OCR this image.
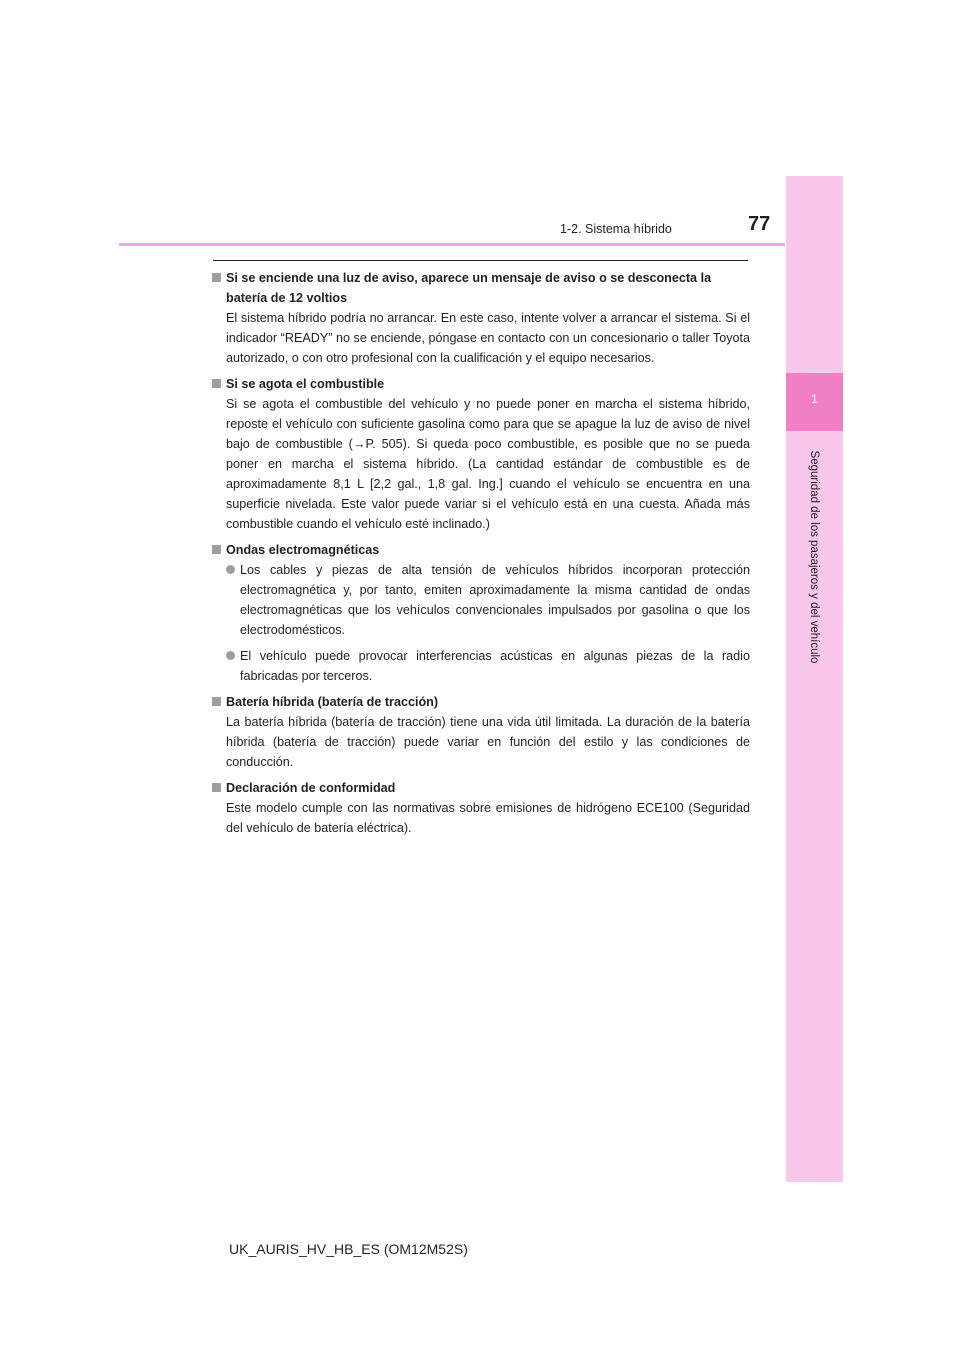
1
Seguridad de los pasajeros y del vehículo
1-2. Sistema híbrido	77
Si se enciende una luz de aviso, aparece un mensaje de aviso o se desconecta la batería de 12 voltios
El sistema híbrido podría no arrancar. En este caso, intente volver a arrancar el sistema. Si el indicador “READY” no se enciende, póngase en contacto con un concesionario o taller Toyota autorizado, o con otro profesional con la cualificación y el equipo necesarios.
Si se agota el combustible
Si se agota el combustible del vehículo y no puede poner en marcha el sistema híbrido, reposte el vehículo con suficiente gasolina como para que se apague la luz de aviso de nivel bajo de combustible (→P. 505). Si queda poco combustible, es posible que no se pueda poner en marcha el sistema híbrido. (La cantidad estándar de combustible es de aproximadamente 8,1 L [2,2 gal., 1,8 gal. Ing.] cuando el vehículo se encuentra en una superficie nivelada. Este valor puede variar si el vehículo está en una cuesta. Añada más combustible cuando el vehículo esté inclinado.)
Ondas electromagnéticas
Los cables y piezas de alta tensión de vehículos híbridos incorporan protección electromagnética y, por tanto, emiten aproximadamente la misma cantidad de ondas electromagnéticas que los vehículos convencionales impulsados por gasolina o que los electrodomésticos.
El vehículo puede provocar interferencias acústicas en algunas piezas de la radio fabricadas por terceros.
Batería híbrida (batería de tracción)
La batería híbrida (batería de tracción) tiene una vida útil limitada. La duración de la batería híbrida (batería de tracción) puede variar en función del estilo y las condiciones de conducción.
Declaración de conformidad
Este modelo cumple con las normativas sobre emisiones de hidrógeno ECE100 (Seguridad del vehículo de batería eléctrica).
UK_AURIS_HV_HB_ES (OM12M52S)
